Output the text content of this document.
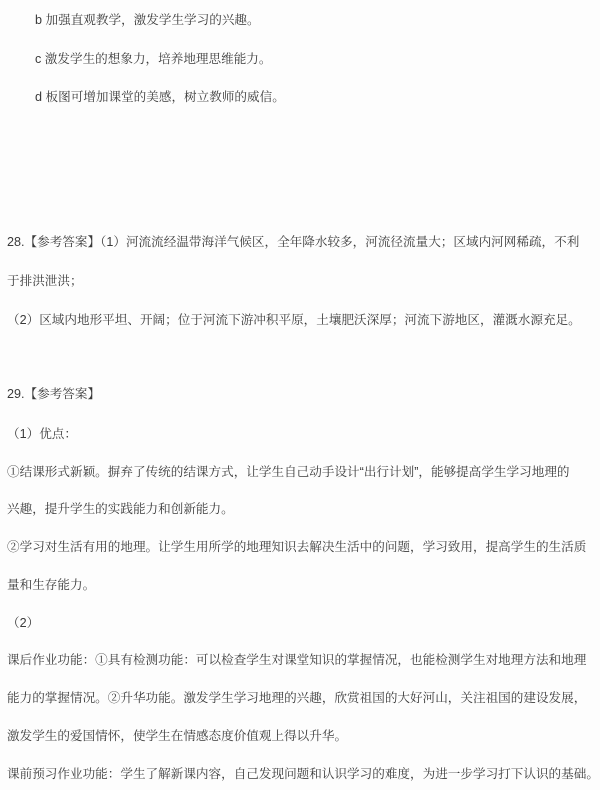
b 加强直观教学，激发学生学习的兴趣。
c 激发学生的想象力，培养地理思维能力。
d 板图可增加课堂的美感，树立教师的威信。
28.【参考答案】（1）河流流经温带海洋气候区，全年降水较多，河流径流量大；区域内河网稀疏，不利
于排洪泄洪；
（2）区域内地形平坦、开阔；位于河流下游冲积平原，土壤肥沃深厚；河流下游地区，灌溉水源充足。
29.【参考答案】
（1）优点：
①结课形式新颖。摒弃了传统的结课方式，让学生自己动手设计“出行计划”，能够提高学生学习地理的
兴趣，提升学生的实践能力和创新能力。
②学习对生活有用的地理。让学生用所学的地理知识去解决生活中的问题，学习致用，提高学生的生活质
量和生存能力。
（2）
课后作业功能：①具有检测功能：可以检查学生对课堂知识的掌握情况，也能检测学生对地理方法和地理
能力的掌握情况。②升华功能。激发学生学习地理的兴趣，欣赏祖国的大好河山，关注祖国的建设发展，
激发学生的爱国情怀，使学生在情感态度价值观上得以升华。
课前预习作业功能：学生了解新课内容，自己发现问题和认识学习的难度，为进一步学习打下认识的基础。
